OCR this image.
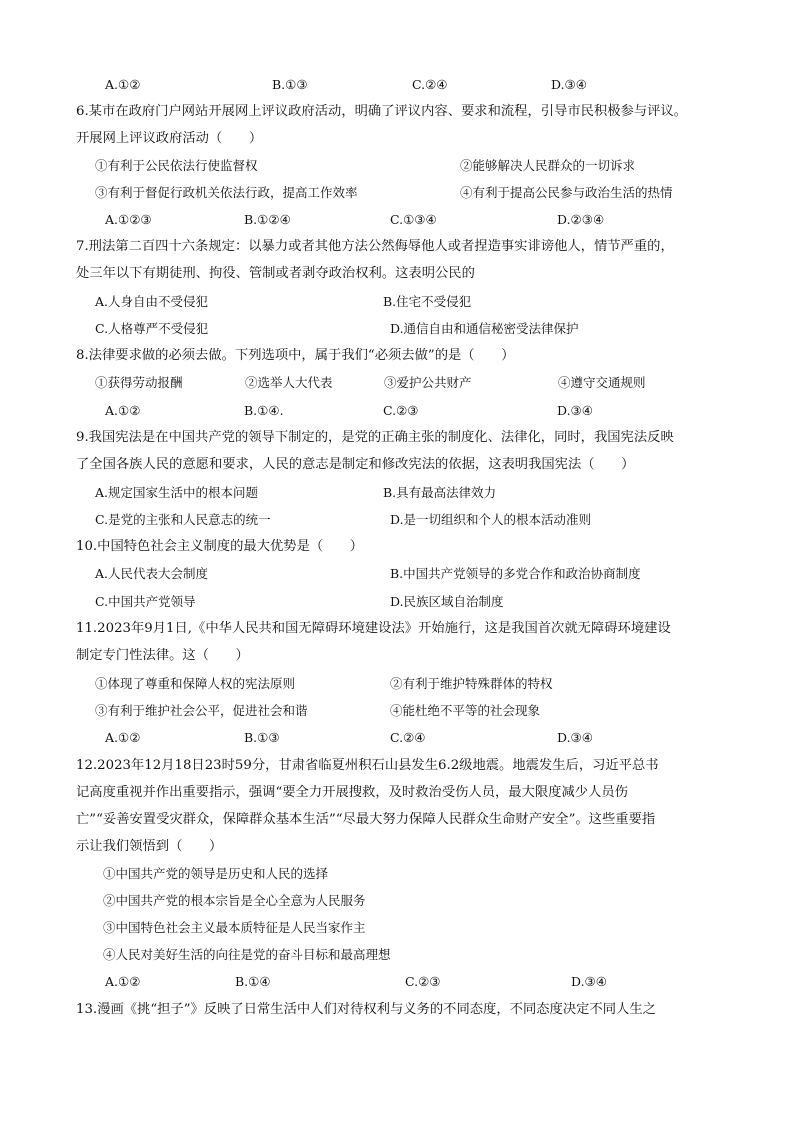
A.①②	B.①③	C.②④	D.③④
6.某市在政府门户网站开展网上评议政府活动，明确了评议内容、要求和流程，引导市民积极参与评议。
开展网上评议政府活动（　　）
①有利于公民依法行使监督权	②能够解决人民群众的一切诉求
③有利于督促行政机关依法行政，提高工作效率	④有利于提高公民参与政治生活的热情
A.①②③	B.①②④	C.①③④	D.②③④
7.刑法第二百四十六条规定：以暴力或者其他方法公然侮辱他人或者捏造事实诽谤他人，情节严重的，
处三年以下有期徒刑、拘役、管制或者剥夺政治权利。这表明公民的
A.人身自由不受侵犯	B.住宅不受侵犯
C.人格尊严不受侵犯	D.通信自由和通信秘密受法律保护
8.法律要求做的必须去做。下列选项中，属于我们“必须去做”的是（　　）
①获得劳动报酬	②选举人大代表	③爱护公共财产	④遵守交通规则
A.①②	B.①④.	C.②③	D.③④
9.我国宪法是在中国共产党的领导下制定的，是党的正确主张的制度化、法律化，同时，我国宪法反映
了全国各族人民的意愿和要求，人民的意志是制定和修改宪法的依据，这表明我国宪法（　　）
A.规定国家生活中的根本问题	B.具有最高法律效力
C.是党的主张和人民意志的统一	D.是一切组织和个人的根本活动准则
10.中国特色社会主义制度的最大优势是（　　）
A.人民代表大会制度	B.中国共产党领导的多党合作和政治协商制度
C.中国共产党领导	D.民族区域自治制度
11.2023年9月1日,《中华人民共和国无障碍环境建设法》开始施行，这是我国首次就无障碍环境建设
制定专门性法律。这（　　）
①体现了尊重和保障人权的宪法原则	②有利于维护特殊群体的特权
③有利于维护社会公平，促进社会和谐	④能杜绝不平等的社会现象
A.①②	B.①③	C.②④	D.③④
12.2023年12月18日23时59分，甘肃省临夏州积石山县发生6.2级地震。地震发生后，习近平总书
记高度重视并作出重要指示，强调“要全力开展搜救，及时救治受伤人员，最大限度减少人员伤
亡”“妥善安置受灾群众，保障群众基本生活”“尽最大努力保障人民群众生命财产安全”。这些重要指
示让我们领悟到（　　）
①中国共产党的领导是历史和人民的选择
②中国共产党的根本宗旨是全心全意为人民服务
③中国特色社会主义最本质特征是人民当家作主
④人民对美好生活的向往是党的奋斗目标和最高理想
A.①②	B.①④	C.②③	D.③④
13.漫画《挑“担子”》反映了日常生活中人们对待权利与义务的不同态度，不同态度决定不同人生之
